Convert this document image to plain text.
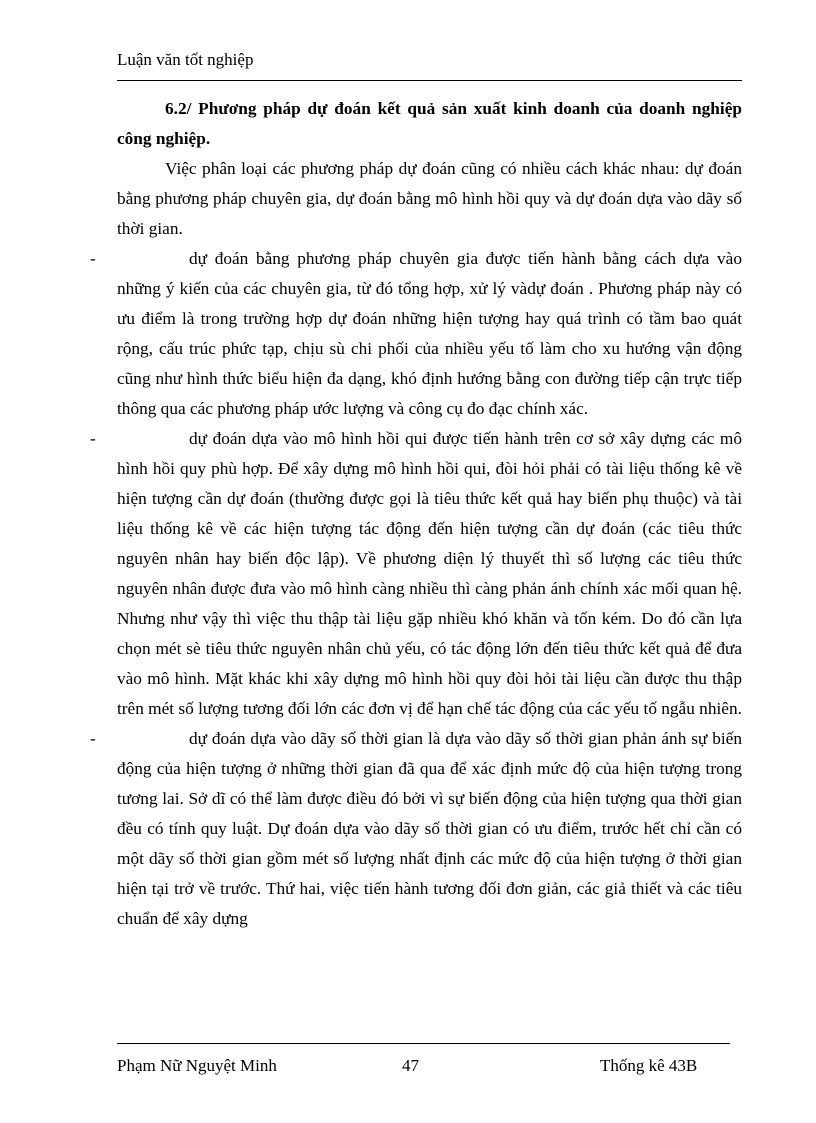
Luận văn tốt nghiệp

6.2/ Phương pháp dự đoán kết quả sản xuất kinh doanh của doanh nghiệp công nghiệp.

Việc phân loại các phương pháp dự đoán cũng có nhiều cách khác nhau: dự đoán bằng phương pháp chuyên gia, dự đoán bằng mô hình hồi quy và dự đoán dựa vào dãy số thời gian.

-	dự đoán bằng phương pháp chuyên gia được tiến hành bằng cách dựa vào những ý kiến của các chuyên gia, từ đó tổng hợp, xử lý vàdự đoán . Phương pháp này có ưu điểm là trong trường hợp dự đoán những hiện tượng hay quá trình có tầm bao quát rộng, cấu trúc phức tạp, chịu sù chi phối của nhiều yếu tố làm cho xu hướng vận động cũng như hình thức biểu hiện đa dạng, khó định hướng bằng con đường tiếp cận trực tiếp thông qua các phương pháp ước lượng và công cụ đo đạc chính xác.

-	dự đoán dựa vào mô hình hồi qui được tiến hành trên cơ sở xây dựng các mô hình hồi quy phù hợp. Để xây dựng mô hình hồi qui, đòi hỏi phải có tài liệu thống kê về hiện tượng cần dự đoán (thường được gọi là tiêu thức kết quả hay biến phụ thuộc) và tài liệu thống kê về các hiện tượng tác động đến hiện tượng cần dự đoán (các tiêu thức nguyên nhân hay biến độc lập). Về phương diện lý thuyết thì số lượng các tiêu thức nguyên nhân được đưa vào mô hình càng nhiều thì càng phản ánh chính xác mối quan hệ. Nhưng như vậy thì việc thu thập tài liệu gặp nhiều khó khăn và tốn kém. Do đó cần lựa chọn mét sè tiêu thức nguyên nhân chủ yếu, có tác động lớn đến tiêu thức kết quả để đưa vào mô hình. Mặt khác khi xây dựng mô hình hồi quy đòi hỏi tài liệu cần được thu thập trên mét số lượng tương đối lớn các đơn vị để hạn chế tác động của các yếu tố ngẫu nhiên.

-	dự đoán dựa vào dãy số thời gian là dựa vào dãy số thời gian phản ánh sự biến động của hiện tượng ở những thời gian đã qua để xác định mức độ của hiện tượng trong tương lai. Sở dĩ có thể làm được điều đó bởi vì sự biến động của hiện tượng qua thời gian đều có tính quy luật. Dự đoán dựa vào dãy số thời gian có ưu điểm, trước hết chỉ cần có một dãy số thời gian gồm mét số lượng nhất định các mức độ của hiện tượng ở thời gian hiện tại trở về trước. Thứ hai, việc tiến hành tương đối đơn giản, các giả thiết và các tiêu chuẩn để xây dựng

Phạm Nữ Nguyệt Minh	47	Thống kê 43B
